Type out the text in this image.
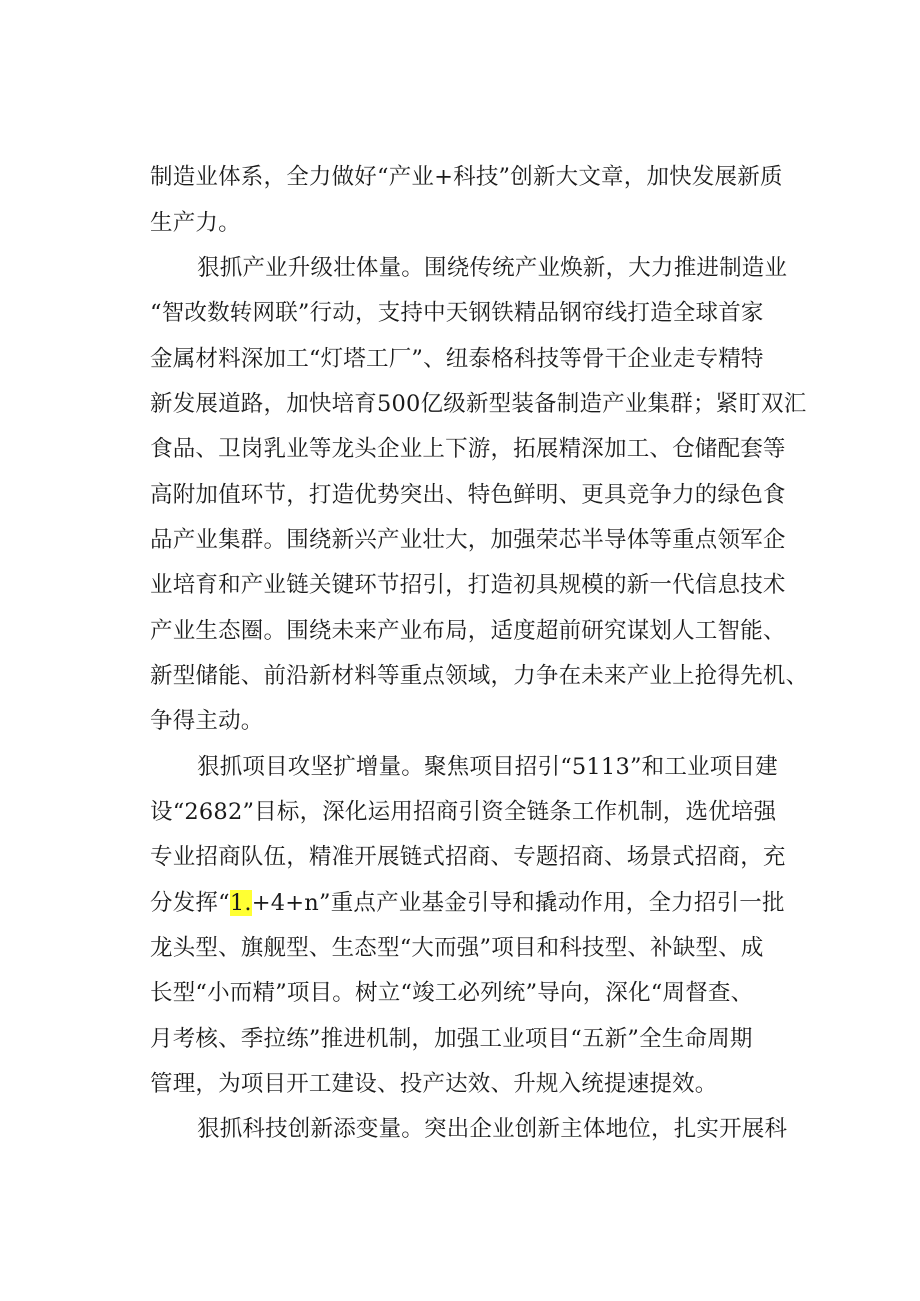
制造业体系，全力做好“产业+科技”创新大文章，加快发展新质
生产力。
狠抓产业升级壮体量。围绕传统产业焕新，大力推进制造业
“智改数转网联”行动，支持中天钢铁精品钢帘线打造全球首家
金属材料深加工“灯塔工厂”、纽泰格科技等骨干企业走专精特
新发展道路，加快培育500亿级新型装备制造产业集群；紧盯双汇
食品、卫岗乳业等龙头企业上下游，拓展精深加工、仓储配套等
高附加值环节，打造优势突出、特色鲜明、更具竞争力的绿色食
品产业集群。围绕新兴产业壮大，加强荣芯半导体等重点领军企
业培育和产业链关键环节招引，打造初具规模的新一代信息技术
产业生态圈。围绕未来产业布局，适度超前研究谋划人工智能、
新型储能、前沿新材料等重点领域，力争在未来产业上抢得先机、
争得主动。
狠抓项目攻坚扩增量。聚焦项目招引“5113”和工业项目建
设“2682”目标，深化运用招商引资全链条工作机制，选优培强
专业招商队伍，精准开展链式招商、专题招商、场景式招商，充
分发挥“1.+4+n”重点产业基金引导和撬动作用，全力招引一批
龙头型、旗舰型、生态型“大而强”项目和科技型、补缺型、成
长型“小而精”项目。树立“竣工必列统”导向，深化“周督查、
月考核、季拉练”推进机制，加强工业项目“五新”全生命周期
管理，为项目开工建设、投产达效、升规入统提速提效。
狠抓科技创新添变量。突出企业创新主体地位，扎实开展科
